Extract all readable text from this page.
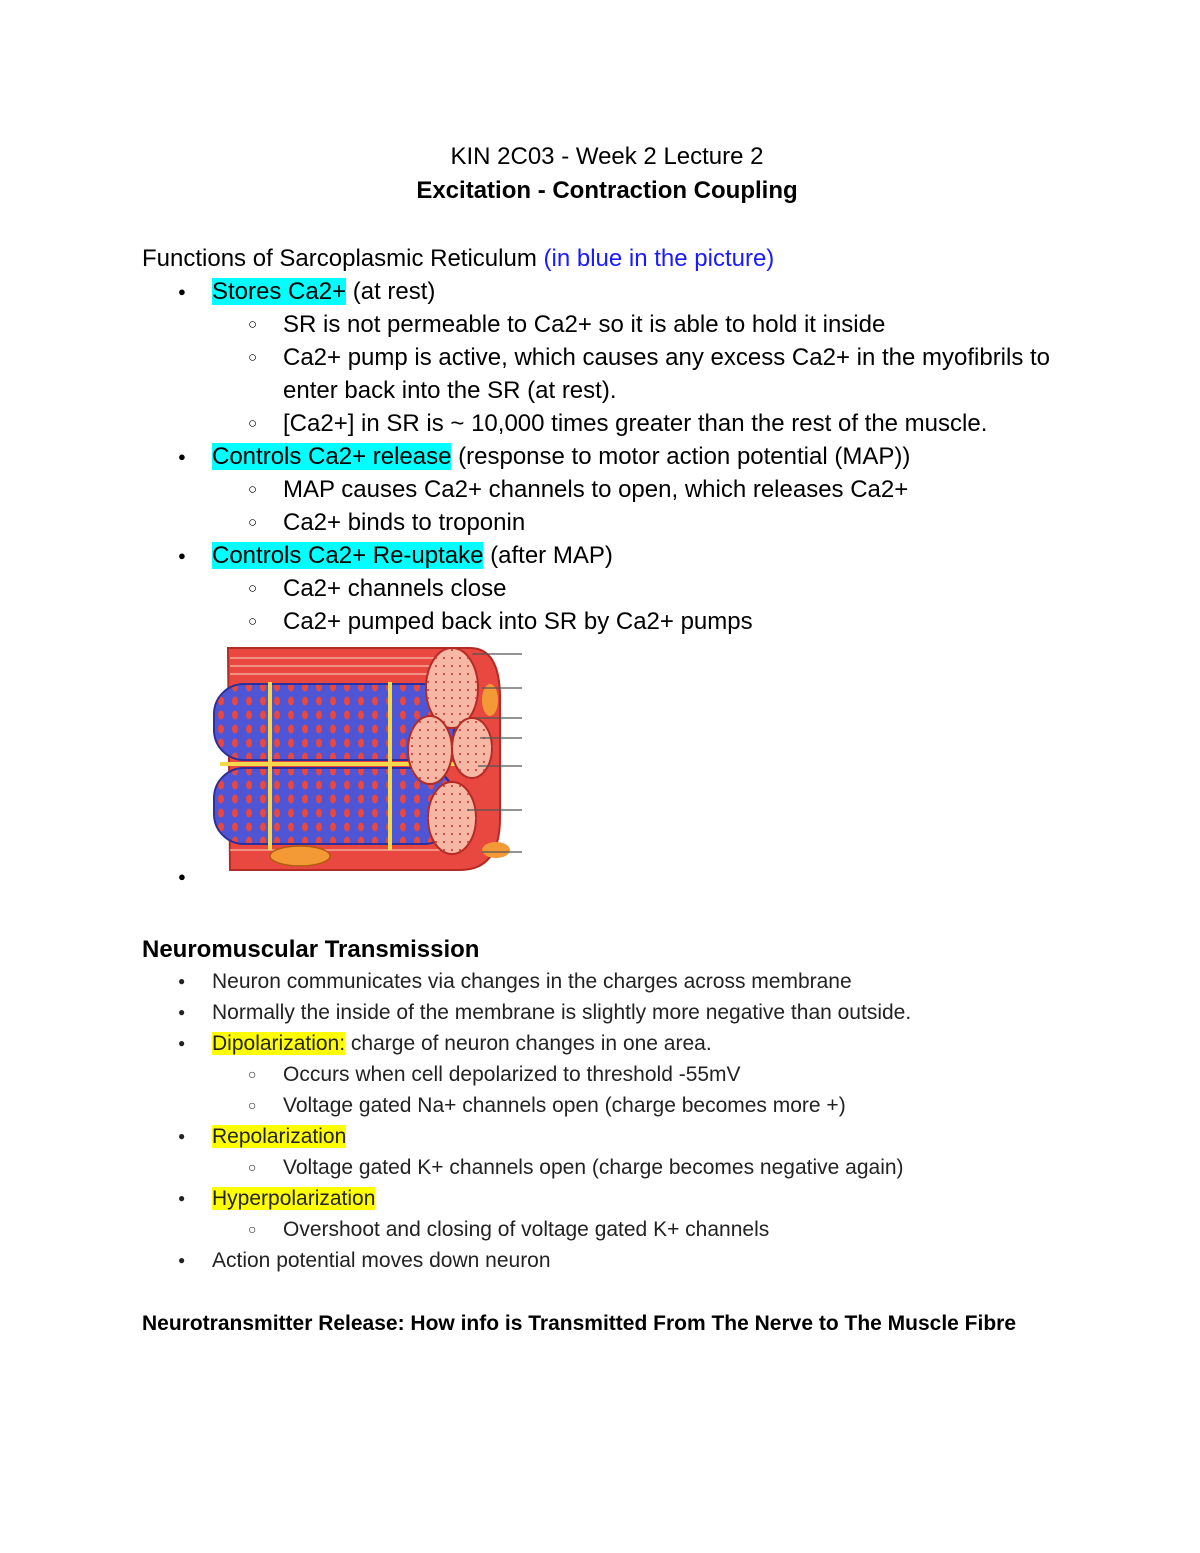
KIN 2C03 - Week 2 Lecture 2
Excitation - Contraction Coupling
Functions of Sarcoplasmic Reticulum (in blue in the picture)
● Stores Ca2+ (at rest)
○ SR is not permeable to Ca2+ so it is able to hold it inside
○ Ca2+ pump is active, which causes any excess Ca2+ in the myofibrils to enter back into the SR (at rest).
○ [Ca2+] in SR is ~ 10,000 times greater than the rest of the muscle.
● Controls Ca2+ release (response to motor action potential (MAP))
○ MAP causes Ca2+ channels to open, which releases Ca2+
○ Ca2+ binds to troponin
● Controls Ca2+ Re-uptake (after MAP)
○ Ca2+ channels close
○ Ca2+ pumped back into SR by Ca2+ pumps
●
Neuromuscular Transmission
● Neuron communicates via changes in the charges across membrane
● Normally the inside of the membrane is slightly more negative than outside.
● Dipolarization: charge of neuron changes in one area.
○ Occurs when cell depolarized to threshold -55mV
○ Voltage gated Na+ channels open (charge becomes more +)
● Repolarization
○ Voltage gated K+ channels open (charge becomes negative again)
● Hyperpolarization
○ Overshoot and closing of voltage gated K+ channels
● Action potential moves down neuron
Neurotransmitter Release: How info is Transmitted From The Nerve to The Muscle Fibre
